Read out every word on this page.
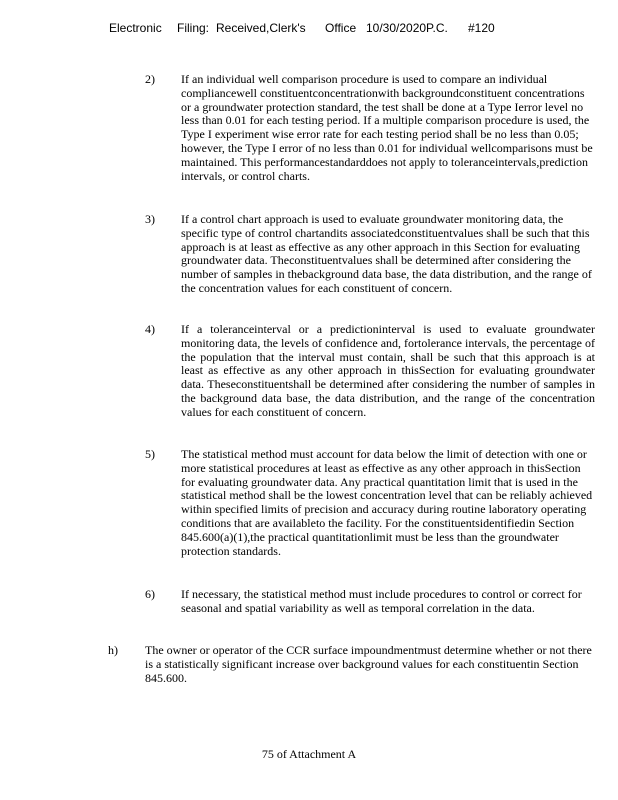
Electronic Filing: Received,Clerk's Office 10/30/2020P.C. #120
2) If an individual well comparison procedure is used to compare an individual compliancewell constituentconcentrationwith backgroundconstituent concentrations or a groundwater protection standard, the test shall be done at a Type Ierror level no less than 0.01 for each testing period. If a multiple comparison procedure is used, the Type I experiment wise error rate for each testing period shall be no less than 0.05; however, the Type I error of no less than 0.01 for individual wellcomparisons must be maintained. This performancestandarddoes not apply to toleranceintervals,prediction intervals, or control charts.
3) If a control chart approach is used to evaluate groundwater monitoring data, the specific type of control chartandits associatedconstituentvalues shall be such that this approach is at least as effective as any other approach in this Section for evaluating groundwater data. Theconstituentvalues shall be determined after considering the number of samples in thebackground data base, the data distribution, and the range of the concentration values for each constituent of concern.
4) If a toleranceinterval or a predictioninterval is used to evaluate groundwater monitoring data, the levels of confidence and, fortolerance intervals, the percentage of the population that the interval must contain, shall be such that this approach is at least as effective as any other approach in thisSection for evaluating groundwater data. Theseconstituentshall be determined after considering the number of samples in the background data base, the data distribution, and the range of the concentration values for each constituent of concern.
5) The statistical method must account for data below the limit of detection with one or more statistical procedures at least as effective as any other approach in thisSection for evaluating groundwater data. Any practical quantitation limit that is used in the statistical method shall be the lowest concentration level that can be reliably achieved within specified limits of precision and accuracy during routine laboratory operating conditions that are availableto the facility. For the constituentsidentifiedin Section 845.600(a)(1),the practical quantitationlimit must be less than the groundwater protection standards.
6) If necessary, the statistical method must include procedures to control or correct for seasonal and spatial variability as well as temporal correlation in the data.
h) The owner or operator of the CCR surface impoundmentmust determine whether or not there is a statistically significant increase over background values for each constituentin Section 845.600.
75 of Attachment A
